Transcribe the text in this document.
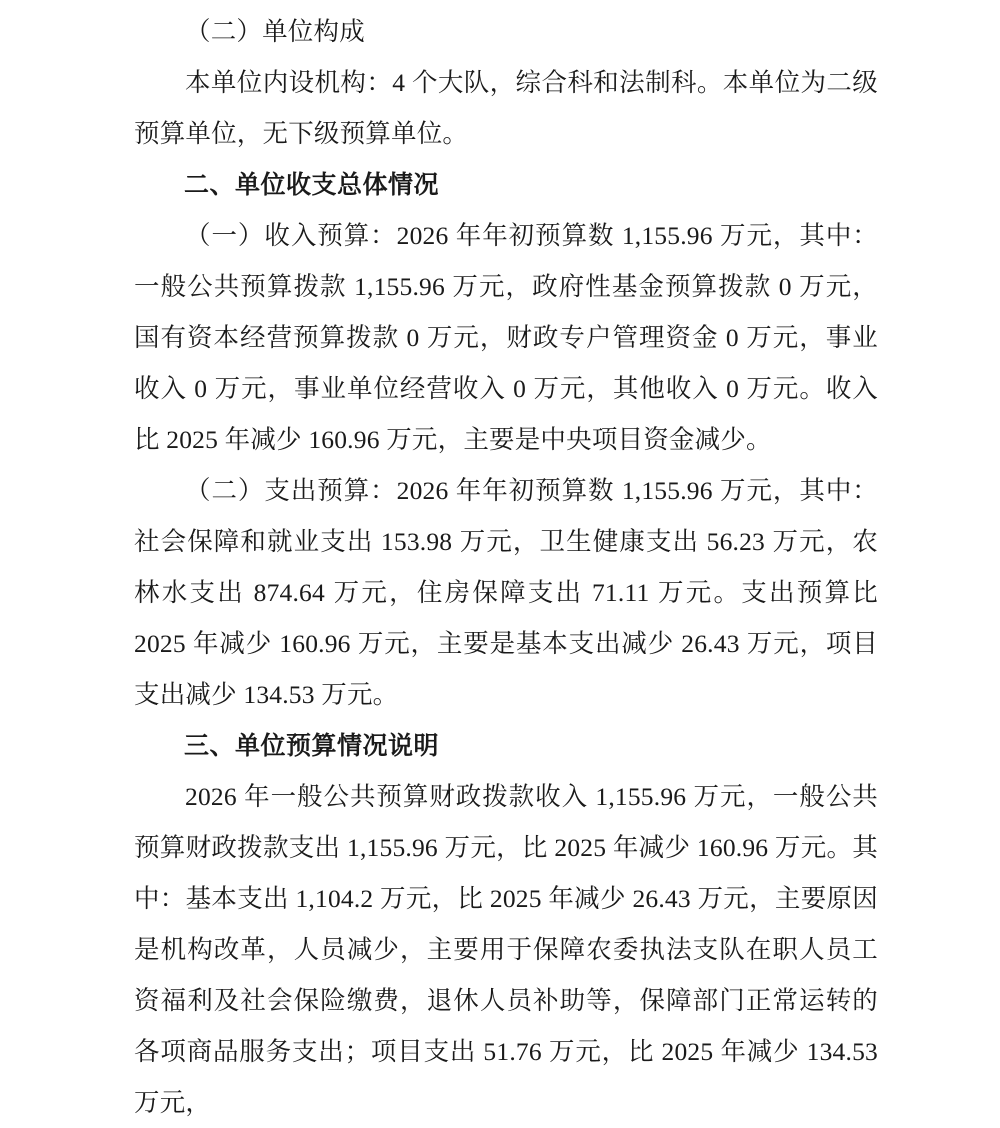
（二）单位构成

本单位内设机构：4 个大队，综合科和法制科。本单位为二级预算单位，无下级预算单位。

二、单位收支总体情况

（一）收入预算：2026 年年初预算数 1,155.96 万元，其中：一般公共预算拨款 1,155.96 万元，政府性基金预算拨款 0 万元，国有资本经营预算拨款 0 万元，财政专户管理资金 0 万元，事业收入 0 万元，事业单位经营收入 0 万元，其他收入 0 万元。收入比 2025 年减少 160.96 万元，主要是中央项目资金减少。

（二）支出预算：2026 年年初预算数 1,155.96 万元，其中：社会保障和就业支出 153.98 万元，卫生健康支出 56.23 万元，农林水支出 874.64 万元，住房保障支出 71.11 万元。支出预算比 2025 年减少 160.96 万元，主要是基本支出减少 26.43 万元，项目支出减少 134.53 万元。

三、单位预算情况说明

2026 年一般公共预算财政拨款收入 1,155.96 万元，一般公共预算财政拨款支出 1,155.96 万元，比 2025 年减少 160.96 万元。其中：基本支出 1,104.2 万元，比 2025 年减少 26.43 万元，主要原因是机构改革，人员减少，主要用于保障农委执法支队在职人员工资福利及社会保险缴费，退休人员补助等，保障部门正常运转的各项商品服务支出；项目支出 51.76 万元，比 2025 年减少 134.53 万元，
